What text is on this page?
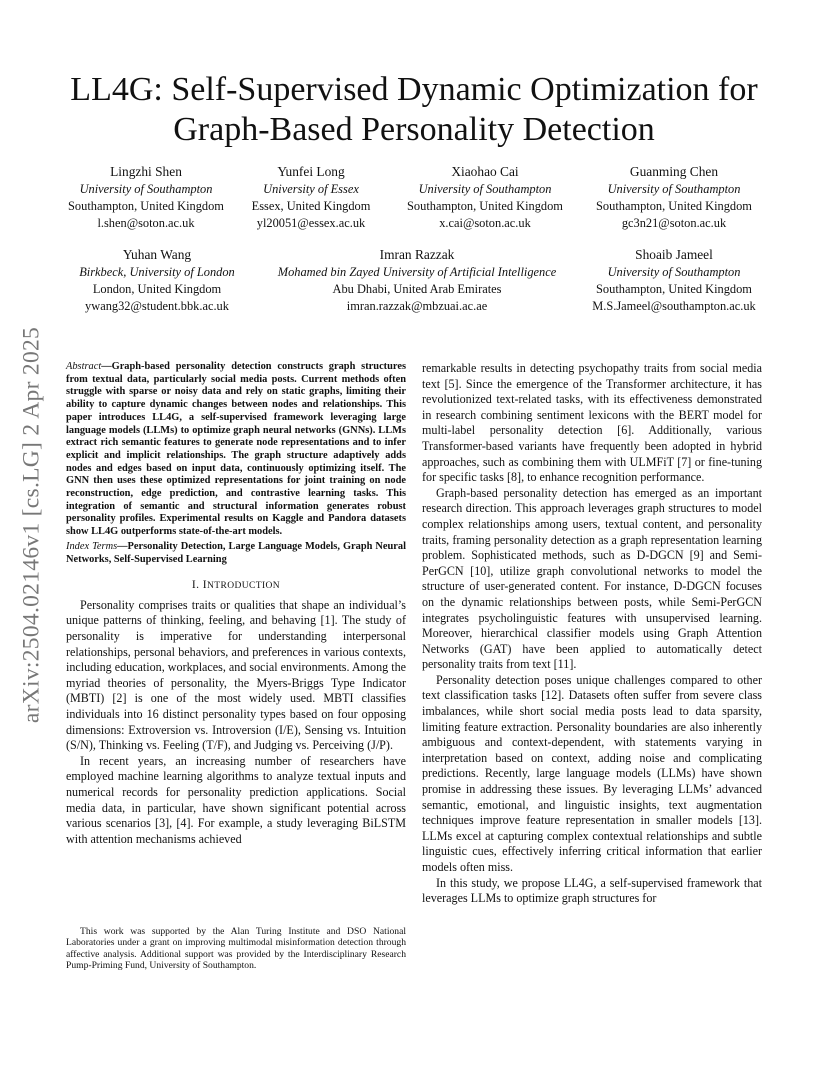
arXiv:2504.02146v1 [cs.LG] 2 Apr 2025
LL4G: Self-Supervised Dynamic Optimization for Graph-Based Personality Detection
Lingzhi Shen
University of Southampton
Southampton, United Kingdom
l.shen@soton.ac.uk
Yunfei Long
University of Essex
Essex, United Kingdom
yl20051@essex.ac.uk
Xiaohao Cai
University of Southampton
Southampton, United Kingdom
x.cai@soton.ac.uk
Guanming Chen
University of Southampton
Southampton, United Kingdom
gc3n21@soton.ac.uk
Yuhan Wang
Birkbeck, University of London
London, United Kingdom
ywang32@student.bbk.ac.uk
Imran Razzak
Mohamed bin Zayed University of Artificial Intelligence
Abu Dhabi, United Arab Emirates
imran.razzak@mbzuai.ac.ae
Shoaib Jameel
University of Southampton
Southampton, United Kingdom
M.S.Jameel@southampton.ac.uk
Abstract—Graph-based personality detection constructs graph structures from textual data, particularly social media posts. Current methods often struggle with sparse or noisy data and rely on static graphs, limiting their ability to capture dynamic changes between nodes and relationships. This paper introduces LL4G, a self-supervised framework leveraging large language models (LLMs) to optimize graph neural networks (GNNs). LLMs extract rich semantic features to generate node representations and to infer explicit and implicit relationships. The graph structure adaptively adds nodes and edges based on input data, continuously optimizing itself. The GNN then uses these optimized representations for joint training on node reconstruction, edge prediction, and contrastive learning tasks. This integration of semantic and structural information generates robust personality profiles. Experimental results on Kaggle and Pandora datasets show LL4G outperforms state-of-the-art models.
Index Terms—Personality Detection, Large Language Models, Graph Neural Networks, Self-Supervised Learning
I. INTRODUCTION

Personality comprises traits or qualities that shape an individual’s unique patterns of thinking, feeling, and behaving [1]. The study of personality is imperative for understanding interpersonal relationships, personal behaviors, and preferences in various contexts, including education, workplaces, and social environments. Among the myriad theories of personality, the Myers-Briggs Type Indicator (MBTI) [2] is one of the most widely used. MBTI classifies individuals into 16 distinct personality types based on four opposing dimensions: Extroversion vs. Introversion (I/E), Sensing vs. Intuition (S/N), Thinking vs. Feeling (T/F), and Judging vs. Perceiving (J/P).

In recent years, an increasing number of researchers have employed machine learning algorithms to analyze textual inputs and numerical records for personality prediction applications. Social media data, in particular, have shown significant potential across various scenarios [3], [4]. For example, a study leveraging BiLSTM with attention mechanisms achieved

This work was supported by the Alan Turing Institute and DSO National Laboratories under a grant on improving multimodal misinformation detection through affective analysis. Additional support was provided by the Interdisciplinary Research Pump-Priming Fund, University of Southampton.

remarkable results in detecting psychopathy traits from social media text [5]. Since the emergence of the Transformer architecture, it has revolutionized text-related tasks, with its effectiveness demonstrated in research combining sentiment lexicons with the BERT model for multi-label personality detection [6]. Additionally, various Transformer-based variants have frequently been adopted in hybrid approaches, such as combining them with ULMFiT [7] or fine-tuning for specific tasks [8], to enhance recognition performance.

Graph-based personality detection has emerged as an important research direction. This approach leverages graph structures to model complex relationships among users, textual content, and personality traits, framing personality detection as a graph representation learning problem. Sophisticated methods, such as D-DGCN [9] and Semi-PerGCN [10], utilize graph convolutional networks to model the structure of user-generated content. For instance, D-DGCN focuses on the dynamic relationships between posts, while Semi-PerGCN integrates psycholinguistic features with unsupervised learning. Moreover, hierarchical classifier models using Graph Attention Networks (GAT) have been applied to automatically detect personality traits from text [11].

Personality detection poses unique challenges compared to other text classification tasks [12]. Datasets often suffer from severe class imbalances, while short social media posts lead to data sparsity, limiting feature extraction. Personality boundaries are also inherently ambiguous and context-dependent, with statements varying in interpretation based on context, adding noise and complicating predictions. Recently, large language models (LLMs) have shown promise in addressing these issues. By leveraging LLMs’ advanced semantic, emotional, and linguistic insights, text augmentation techniques improve feature representation in smaller models [13]. LLMs excel at capturing complex contextual relationships and subtle linguistic cues, effectively inferring critical information that earlier models often miss.

In this study, we propose LL4G, a self-supervised framework that leverages LLMs to optimize graph structures for
